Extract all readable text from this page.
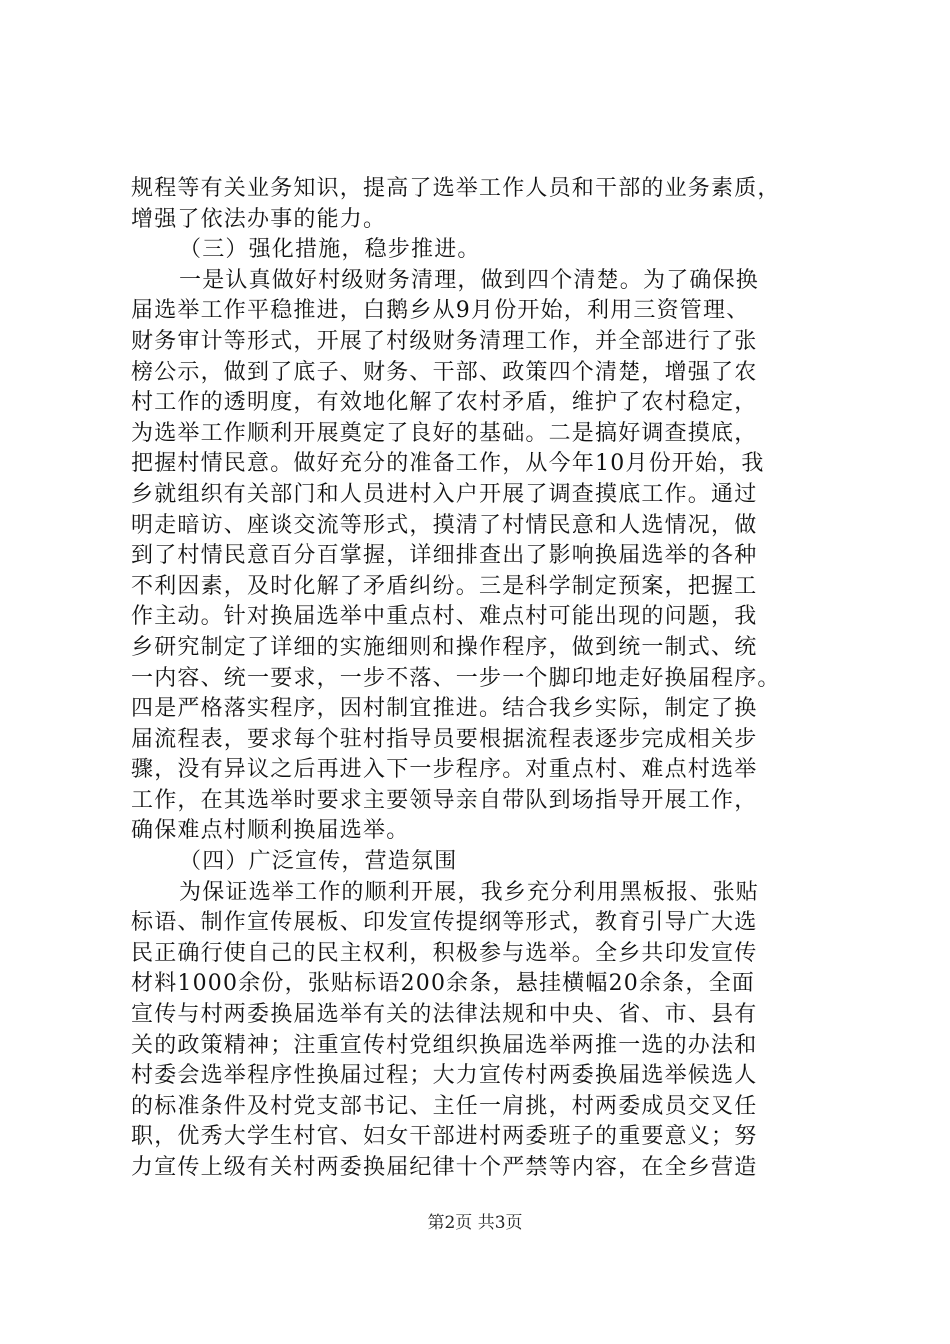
规程等有关业务知识，提高了选举工作人员和干部的业务素质，
增强了依法办事的能力。
（三）强化措施，稳步推进。
一是认真做好村级财务清理，做到四个清楚。为了确保换
届选举工作平稳推进，白鹅乡从9月份开始，利用三资管理、
财务审计等形式，开展了村级财务清理工作，并全部进行了张
榜公示，做到了底子、财务、干部、政策四个清楚，增强了农
村工作的透明度，有效地化解了农村矛盾，维护了农村稳定，
为选举工作顺利开展奠定了良好的基础。二是搞好调查摸底，
把握村情民意。做好充分的准备工作，从今年10月份开始，我
乡就组织有关部门和人员进村入户开展了调查摸底工作。通过
明走暗访、座谈交流等形式，摸清了村情民意和人选情况，做
到了村情民意百分百掌握，详细排查出了影响换届选举的各种
不利因素，及时化解了矛盾纠纷。三是科学制定预案，把握工
作主动。针对换届选举中重点村、难点村可能出现的问题，我
乡研究制定了详细的实施细则和操作程序，做到统一制式、统
一内容、统一要求，一步不落、一步一个脚印地走好换届程序。
四是严格落实程序，因村制宜推进。结合我乡实际，制定了换
届流程表，要求每个驻村指导员要根据流程表逐步完成相关步
骤，没有异议之后再进入下一步程序。对重点村、难点村选举
工作，在其选举时要求主要领导亲自带队到场指导开展工作，
确保难点村顺利换届选举。
（四）广泛宣传，营造氛围
为保证选举工作的顺利开展，我乡充分利用黑板报、张贴
标语、制作宣传展板、印发宣传提纲等形式，教育引导广大选
民正确行使自己的民主权利，积极参与选举。全乡共印发宣传
材料1000余份，张贴标语200余条，悬挂横幅20余条，全面
宣传与村两委换届选举有关的法律法规和中央、省、市、县有
关的政策精神；注重宣传村党组织换届选举两推一选的办法和
村委会选举程序性换届过程；大力宣传村两委换届选举候选人
的标准条件及村党支部书记、主任一肩挑，村两委成员交叉任
职，优秀大学生村官、妇女干部进村两委班子的重要意义；努
力宣传上级有关村两委换届纪律十个严禁等内容，在全乡营造
第2页 共3页
